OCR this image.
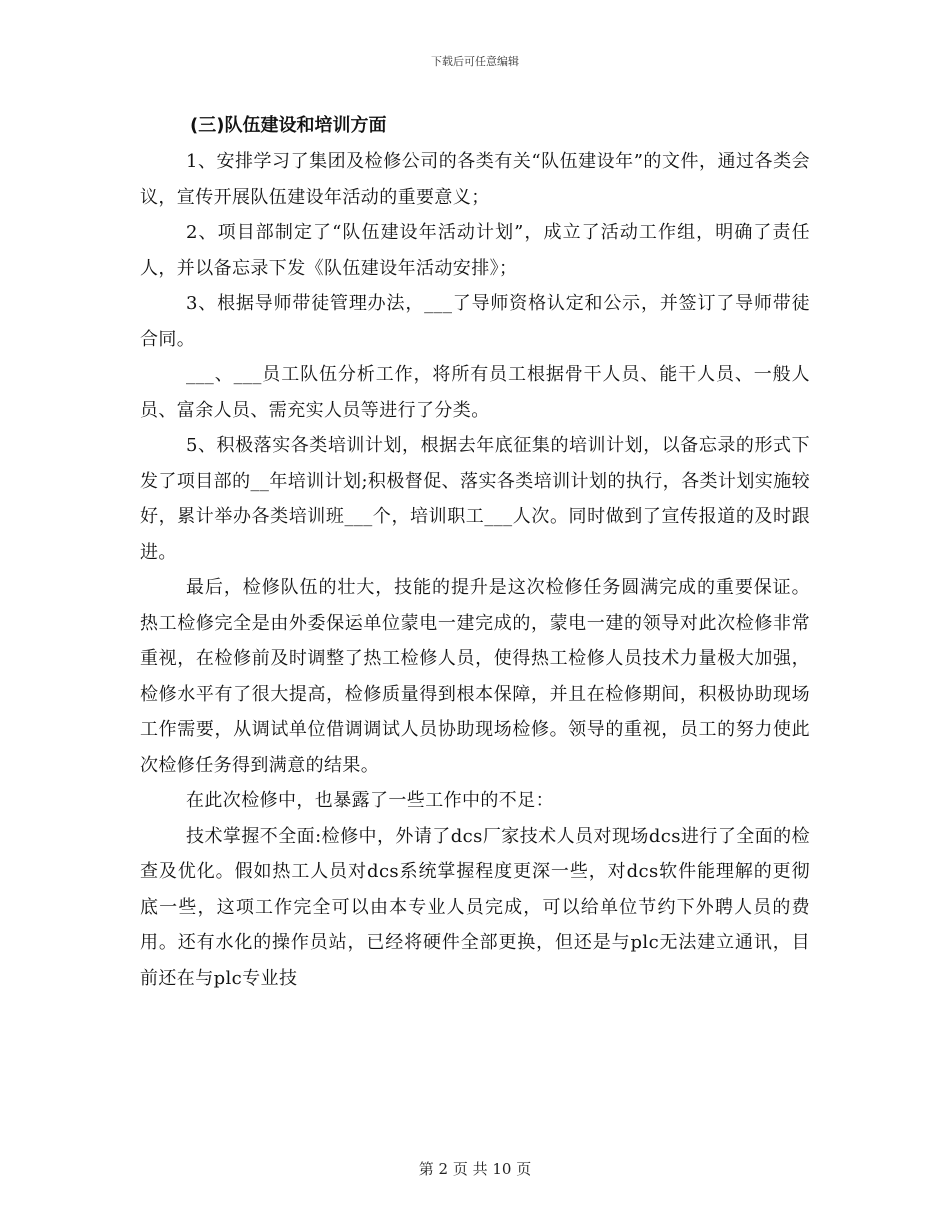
下载后可任意编辑
(三)队伍建设和培训方面

1、安排学习了集团及检修公司的各类有关“队伍建设年”的文件，通过各类会议，宣传开展队伍建设年活动的重要意义；

2、项目部制定了“队伍建设年活动计划”，成立了活动工作组，明确了责任人，并以备忘录下发《队伍建设年活动安排》；

3、根据导师带徒管理办法，___了导师资格认定和公示，并签订了导师带徒合同。

___、___员工队伍分析工作，将所有员工根据骨干人员、能干人员、一般人员、富余人员、需充实人员等进行了分类。

5、积极落实各类培训计划，根据去年底征集的培训计划，以备忘录的形式下发了项目部的__年培训计划;积极督促、落实各类培训计划的执行，各类计划实施较好，累计举办各类培训班___个，培训职工___人次。同时做到了宣传报道的及时跟进。

最后，检修队伍的壮大，技能的提升是这次检修任务圆满完成的重要保证。热工检修完全是由外委保运单位蒙电一建完成的，蒙电一建的领导对此次检修非常重视，在检修前及时调整了热工检修人员，使得热工检修人员技术力量极大加强，检修水平有了很大提高，检修质量得到根本保障，并且在检修期间，积极协助现场工作需要，从调试单位借调调试人员协助现场检修。领导的重视，员工的努力使此次检修任务得到满意的结果。

在此次检修中，也暴露了一些工作中的不足：

技术掌握不全面:检修中，外请了dcs厂家技术人员对现场dcs进行了全面的检查及优化。假如热工人员对dcs系统掌握程度更深一些，对dcs软件能理解的更彻底一些，这项工作完全可以由本专业人员完成，可以给单位节约下外聘人员的费用。还有水化的操作员站，已经将硬件全部更换，但还是与plc无法建立通讯，目前还在与plc专业技

第 2 页 共 10 页
